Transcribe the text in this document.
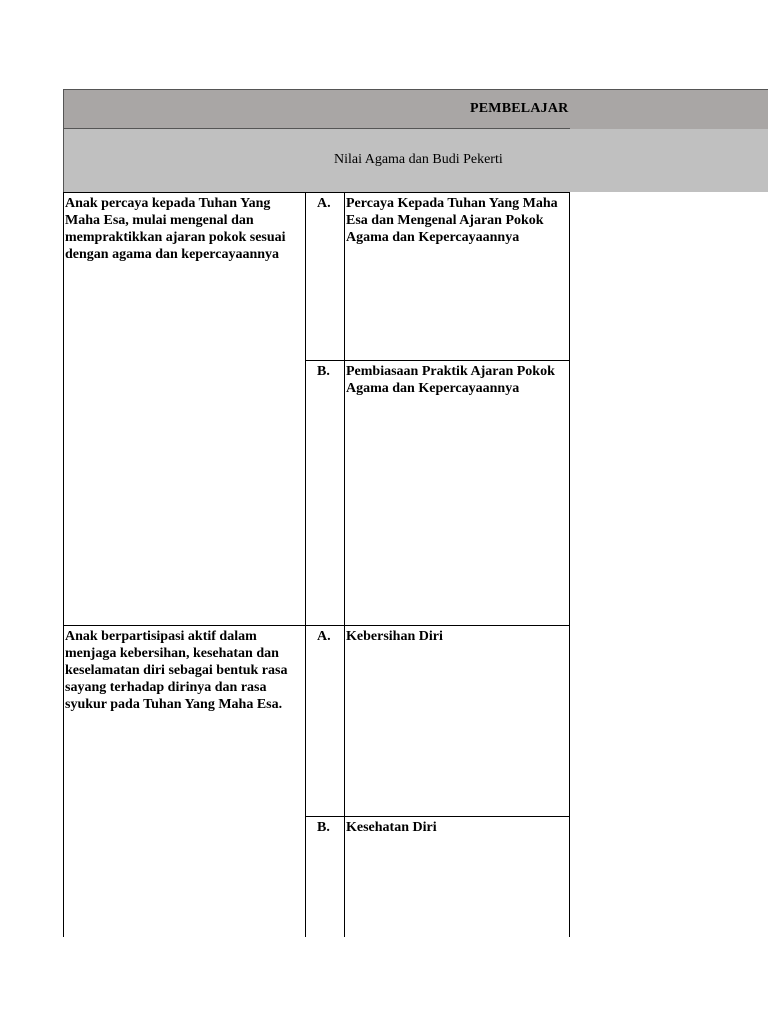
PEMBELAJAR
Nilai Agama dan Budi Pekerti
Anak percaya kepada Tuhan Yang Maha Esa, mulai mengenal dan mempraktikkan ajaran pokok sesuai dengan agama dan kepercayaannya
A.	Percaya Kepada Tuhan Yang Maha Esa dan Mengenal Ajaran Pokok Agama dan Kepercayaannya
B.	Pembiasaan Praktik Ajaran Pokok Agama dan Kepercayaannya
Anak berpartisipasi aktif dalam menjaga kebersihan, kesehatan dan keselamatan diri sebagai bentuk rasa sayang terhadap dirinya dan rasa syukur pada Tuhan Yang Maha Esa.
A.	Kebersihan Diri
B.	Kesehatan Diri
